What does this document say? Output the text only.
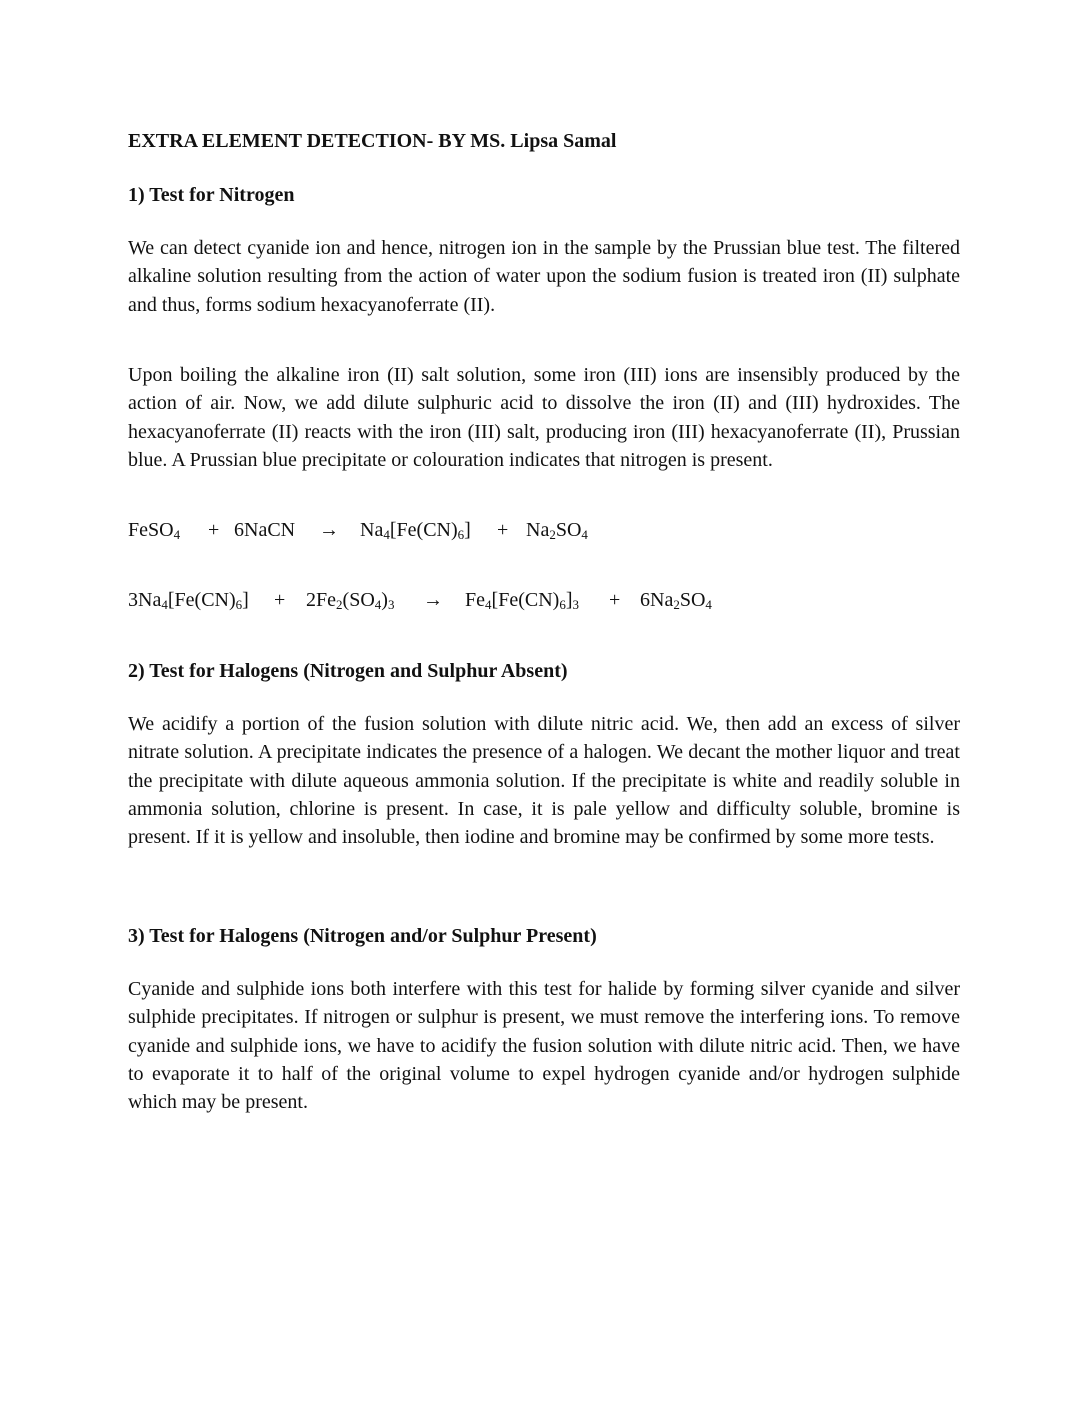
EXTRA ELEMENT DETECTION- BY MS. Lipsa Samal
1) Test for Nitrogen
We can detect cyanide ion and hence, nitrogen ion in the sample by the Prussian blue test. The filtered alkaline solution resulting from the action of water upon the sodium fusion is treated iron (II) sulphate and thus, forms sodium hexacyanoferrate (II).
Upon boiling the alkaline iron (II) salt solution, some iron (III) ions are insensibly produced by the action of air. Now, we add dilute sulphuric acid to dissolve the iron (II) and (III) hydroxides. The hexacyanoferrate (II) reacts with the iron (III) salt, producing iron (III) hexacyanoferrate (II), Prussian blue. A Prussian blue precipitate or colouration indicates that nitrogen is present.
FeSO$_4$ + 6NaCN → $Na_4[Fe(CN)_6] + Na_2SO_4$
$3Na_4[Fe(CN)_6] + 2Fe_2(SO_4)_3 \to Fe_4[Fe(CN)_6]_3 + 6Na_2SO_4$
2) Test for Halogens (Nitrogen and Sulphur Absent)
We acidify a portion of the fusion solution with dilute nitric acid. We, then add an excess of silver nitrate solution. A precipitate indicates the presence of a halogen. We decant the mother liquor and treat the precipitate with dilute aqueous ammonia solution. If the precipitate is white and readily soluble in ammonia solution, chlorine is present. In case, it is pale yellow and difficulty soluble, bromine is present. If it is yellow and insoluble, then iodine and bromine may be confirmed by some more tests.
3) Test for Halogens (Nitrogen and/or Sulphur Present)
Cyanide and sulphide ions both interfere with this test for halide by forming silver cyanide and silver sulphide precipitates. If nitrogen or sulphur is present, we must remove the interfering ions. To remove cyanide and sulphide ions, we have to acidify the fusion solution with dilute nitric acid. Then, we have to evaporate it to half of the original volume to expel hydrogen cyanide and/or hydrogen sulphide which may be present.
